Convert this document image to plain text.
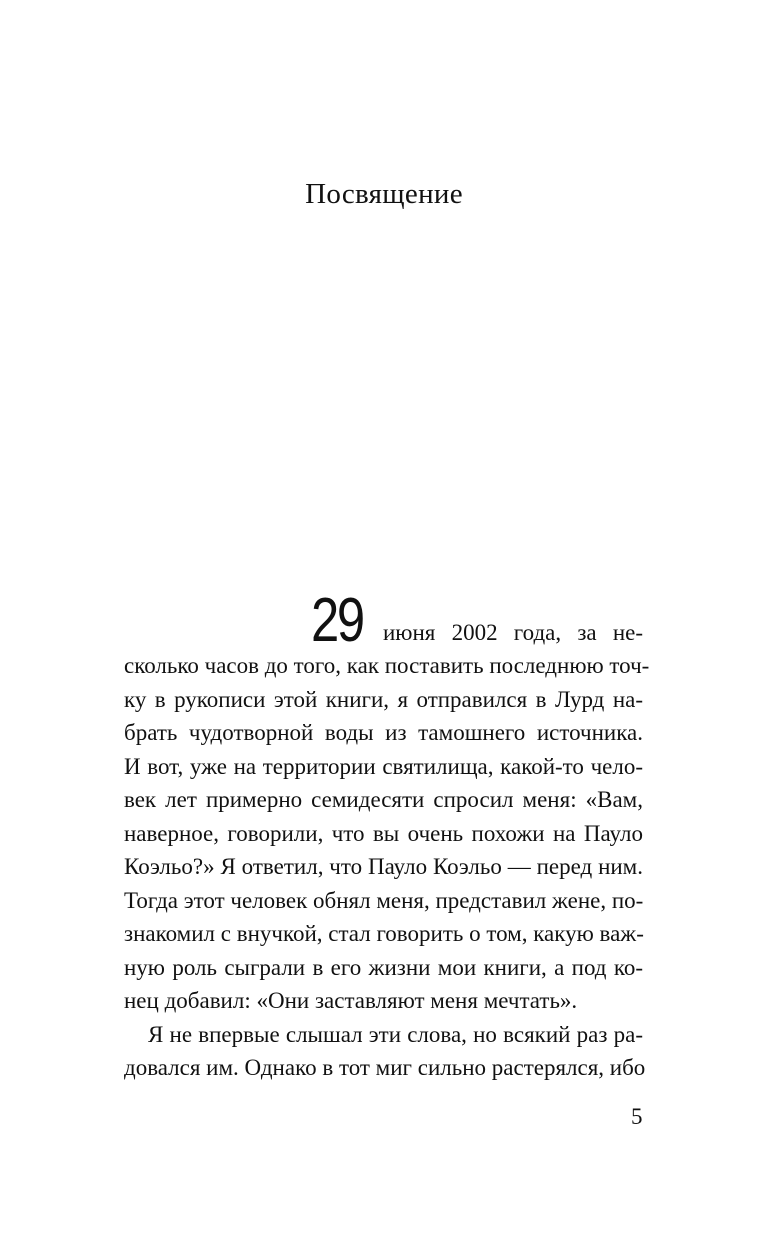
Посвящение
29 июня 2002 года, за не-
сколько часов до того, как поставить последнюю точ-
ку в рукописи этой книги, я отправился в Лурд на-
брать чудотворной воды из тамошнего источника.
И вот, уже на территории святилища, какой-то чело-
век лет примерно семидесяти спросил меня: «Вам,
наверное, говорили, что вы очень похожи на Пауло
Коэльо?» Я ответил, что Пауло Коэльо — перед ним.
Тогда этот человек обнял меня, представил жене, по-
знакомил с внучкой, стал говорить о том, какую важ-
ную роль сыграли в его жизни мои книги, а под ко-
нец добавил: «Они заставляют меня мечтать».
Я не впервые слышал эти слова, но всякий раз ра-
довался им. Однако в тот миг сильно растерялся, ибо
5
